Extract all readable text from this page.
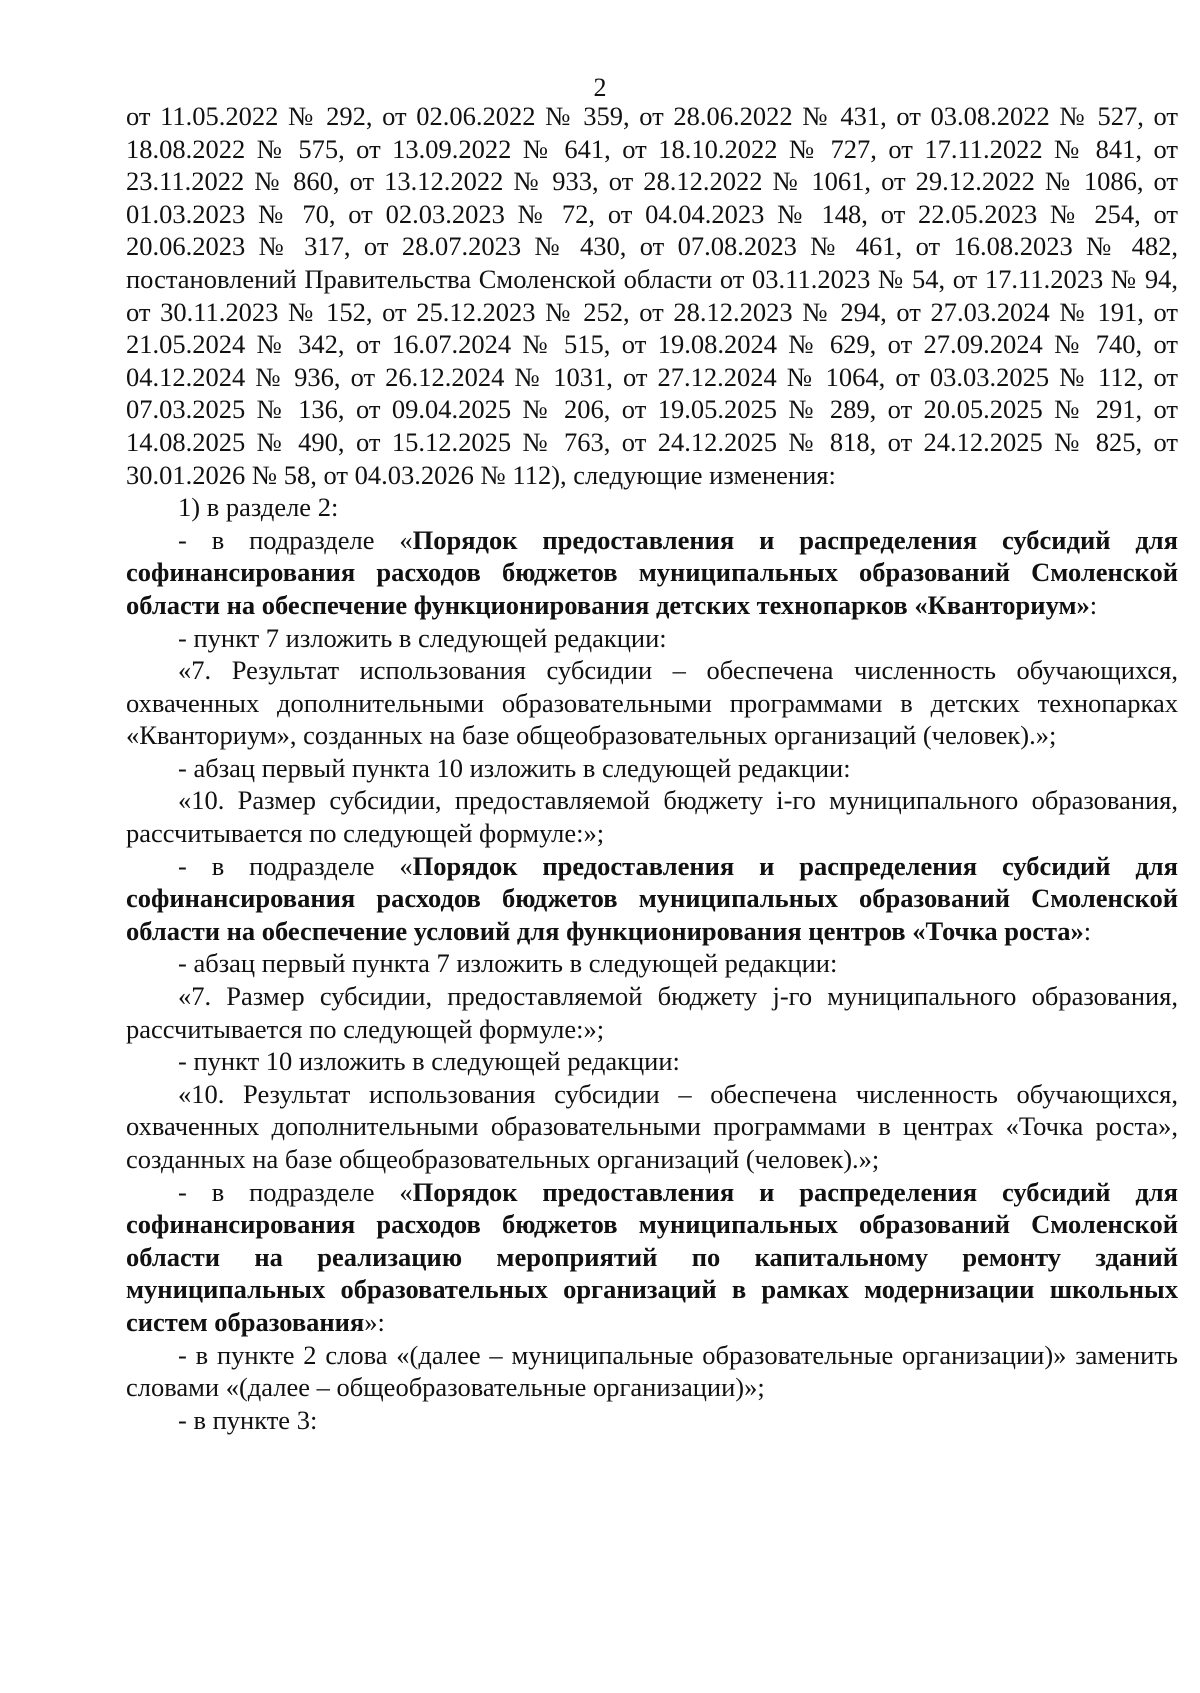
2

от 11.05.2022 № 292, от 02.06.2022 № 359, от 28.06.2022 № 431, от 03.08.2022 № 527, от 18.08.2022 № 575, от 13.09.2022 № 641, от 18.10.2022 № 727, от 17.11.2022 № 841, от 23.11.2022 № 860, от 13.12.2022 № 933, от 28.12.2022 № 1061, от 29.12.2022 № 1086, от 01.03.2023 № 70, от 02.03.2023 № 72, от 04.04.2023 № 148, от 22.05.2023 № 254, от 20.06.2023 № 317, от 28.07.2023 № 430, от 07.08.2023 № 461, от 16.08.2023 № 482, постановлений Правительства Смоленской области от 03.11.2023 № 54, от 17.11.2023 № 94, от 30.11.2023 № 152, от 25.12.2023 № 252, от 28.12.2023 № 294, от 27.03.2024 № 191, от 21.05.2024 № 342, от 16.07.2024 № 515, от 19.08.2024 № 629, от 27.09.2024 № 740, от 04.12.2024 № 936, от 26.12.2024 № 1031, от 27.12.2024 № 1064, от 03.03.2025 № 112, от 07.03.2025 № 136, от 09.04.2025 № 206, от 19.05.2025 № 289, от 20.05.2025 № 291, от 14.08.2025 № 490, от 15.12.2025 № 763, от 24.12.2025 № 818, от 24.12.2025 № 825, от 30.01.2026 № 58, от 04.03.2026 № 112), следующие изменения:

1) в разделе 2:

- в подразделе «Порядок предоставления и распределения субсидий для софинансирования расходов бюджетов муниципальных образований Смоленской области на обеспечение функционирования детских технопарков «Кванториум»:

- пункт 7 изложить в следующей редакции:

«7. Результат использования субсидии – обеспечена численность обучающихся, охваченных дополнительными образовательными программами в детских технопарках «Кванториум», созданных на базе общеобразовательных организаций (человек).»;

- абзац первый пункта 10 изложить в следующей редакции:

«10. Размер субсидии, предоставляемой бюджету i-го муниципального образования, рассчитывается по следующей формуле:»;

- в подразделе «Порядок предоставления и распределения субсидий для софинансирования расходов бюджетов муниципальных образований Смоленской области на обеспечение условий для функционирования центров «Точка роста»:

- абзац первый пункта 7 изложить в следующей редакции:

«7. Размер субсидии, предоставляемой бюджету j-го муниципального образования, рассчитывается по следующей формуле:»;

- пункт 10 изложить в следующей редакции:

«10. Результат использования субсидии – обеспечена численность обучающихся, охваченных дополнительными образовательными программами в центрах «Точка роста», созданных на базе общеобразовательных организаций (человек).»;

- в подразделе «Порядок предоставления и распределения субсидий для софинансирования расходов бюджетов муниципальных образований Смоленской области на реализацию мероприятий по капитальному ремонту зданий муниципальных образовательных организаций в рамках модернизации школьных систем образования»:

- в пункте 2 слова «(далее – муниципальные образовательные организации)» заменить словами «(далее – общеобразовательные организации)»;

- в пункте 3:
